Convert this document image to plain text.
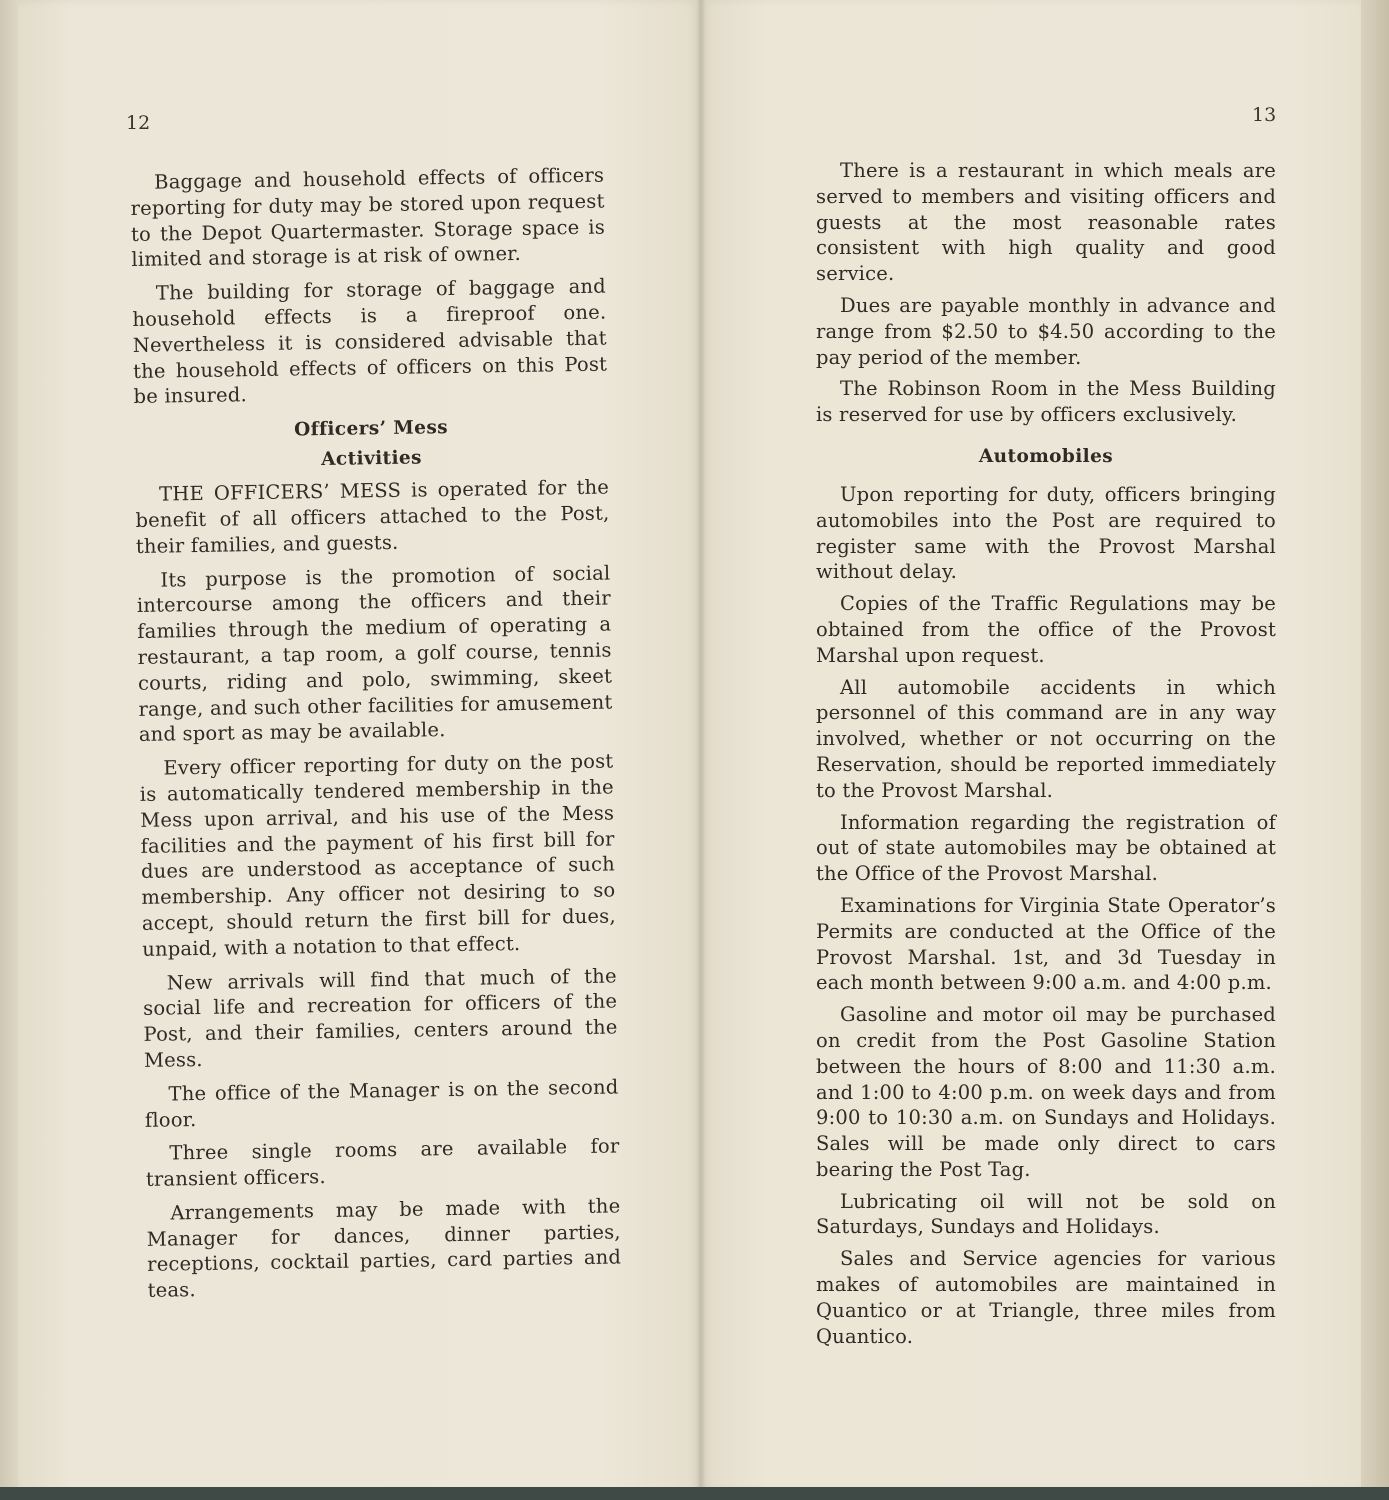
12

Baggage and household effects of officers reporting for duty may be stored upon request to the Depot Quartermaster. Storage space is limited and storage is at risk of owner.

The building for storage of baggage and household effects is a fireproof one. Nevertheless it is considered advisable that the household effects of officers on this Post be insured.

Officers’ Mess
Activities

THE OFFICERS’ MESS is operated for the benefit of all officers attached to the Post, their families, and guests.

Its purpose is the promotion of social intercourse among the officers and their families through the medium of operating a restaurant, a tap room, a golf course, tennis courts, riding and polo, swimming, skeet range, and such other facilities for amusement and sport as may be available.

Every officer reporting for duty on the post is automatically tendered membership in the Mess upon arrival, and his use of the Mess facilities and the payment of his first bill for dues are understood as acceptance of such membership. Any officer not desiring to so accept, should return the first bill for dues, unpaid, with a notation to that effect.

New arrivals will find that much of the social life and recreation for officers of the Post, and their families, centers around the Mess.

The office of the Manager is on the second floor.

Three single rooms are available for transient officers.

Arrangements may be made with the Manager for dances, dinner parties, receptions, cocktail parties, card parties and teas.

13

There is a restaurant in which meals are served to members and visiting officers and guests at the most reasonable rates consistent with high quality and good service.

Dues are payable monthly in advance and range from $2.50 to $4.50 according to the pay period of the member.

The Robinson Room in the Mess Building is reserved for use by officers exclusively.

Automobiles

Upon reporting for duty, officers bringing automobiles into the Post are required to register same with the Provost Marshal without delay.

Copies of the Traffic Regulations may be obtained from the office of the Provost Marshal upon request.

All automobile accidents in which personnel of this command are in any way involved, whether or not occurring on the Reservation, should be reported immediately to the Provost Marshal.

Information regarding the registration of out of state automobiles may be obtained at the Office of the Provost Marshal.

Examinations for Virginia State Operator’s Permits are conducted at the Office of the Provost Marshal. 1st, and 3d Tuesday in each month between 9:00 a.m. and 4:00 p.m.

Gasoline and motor oil may be purchased on credit from the Post Gasoline Station between the hours of 8:00 and 11:30 a.m. and 1:00 to 4:00 p.m. on week days and from 9:00 to 10:30 a.m. on Sundays and Holidays. Sales will be made only direct to cars bearing the Post Tag.

Lubricating oil will not be sold on Saturdays, Sundays and Holidays.

Sales and Service agencies for various makes of automobiles are maintained in Quantico or at Triangle, three miles from Quantico.
